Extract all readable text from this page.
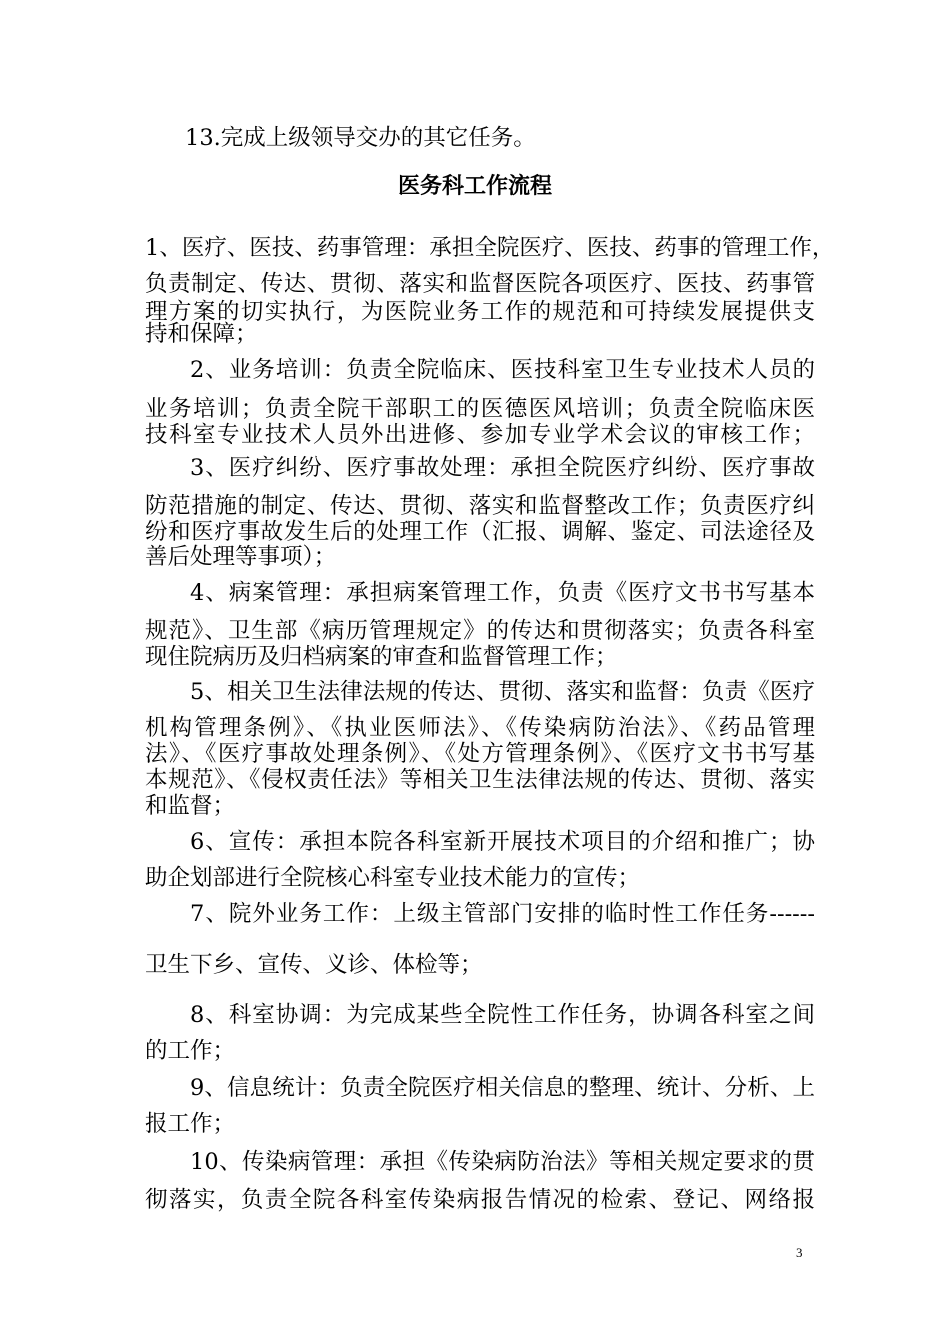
13.完成上级领导交办的其它任务。
医务科工作流程
1、医疗、医技、药事管理：承担全院医疗、医技、药事的管理工作，
负责制定、传达、贯彻、落实和监督医院各项医疗、医技、药事管
理方案的切实执行，为医院业务工作的规范和可持续发展提供支
持和保障；
2、业务培训：负责全院临床、医技科室卫生专业技术人员的
业务培训；负责全院干部职工的医德医风培训；负责全院临床医
技科室专业技术人员外出进修、参加专业学术会议的审核工作；
3、医疗纠纷、医疗事故处理：承担全院医疗纠纷、医疗事故
防范措施的制定、传达、贯彻、落实和监督整改工作；负责医疗纠
纷和医疗事故发生后的处理工作（汇报、调解、鉴定、司法途径及
善后处理等事项）；
4、病案管理：承担病案管理工作，负责《医疗文书书写基本
规范》、卫生部《病历管理规定》的传达和贯彻落实；负责各科室
现住院病历及归档病案的审查和监督管理工作；
5、相关卫生法律法规的传达、贯彻、落实和监督：负责《医疗
机构管理条例》、《执业医师法》、《传染病防治法》、《药品管理
法》、《医疗事故处理条例》、《处方管理条例》、《医疗文书书写基
本规范》、《侵权责任法》等相关卫生法律法规的传达、贯彻、落实
和监督；
6、宣传：承担本院各科室新开展技术项目的介绍和推广；协
助企划部进行全院核心科室专业技术能力的宣传；
7、院外业务工作：上级主管部门安排的临时性工作任务------
卫生下乡、宣传、义诊、体检等；
8、科室协调：为完成某些全院性工作任务，协调各科室之间
的工作；
9、信息统计：负责全院医疗相关信息的整理、统计、分析、上
报工作；
10、传染病管理：承担《传染病防治法》等相关规定要求的贯
彻落实，负责全院各科室传染病报告情况的检索、登记、网络报
3
